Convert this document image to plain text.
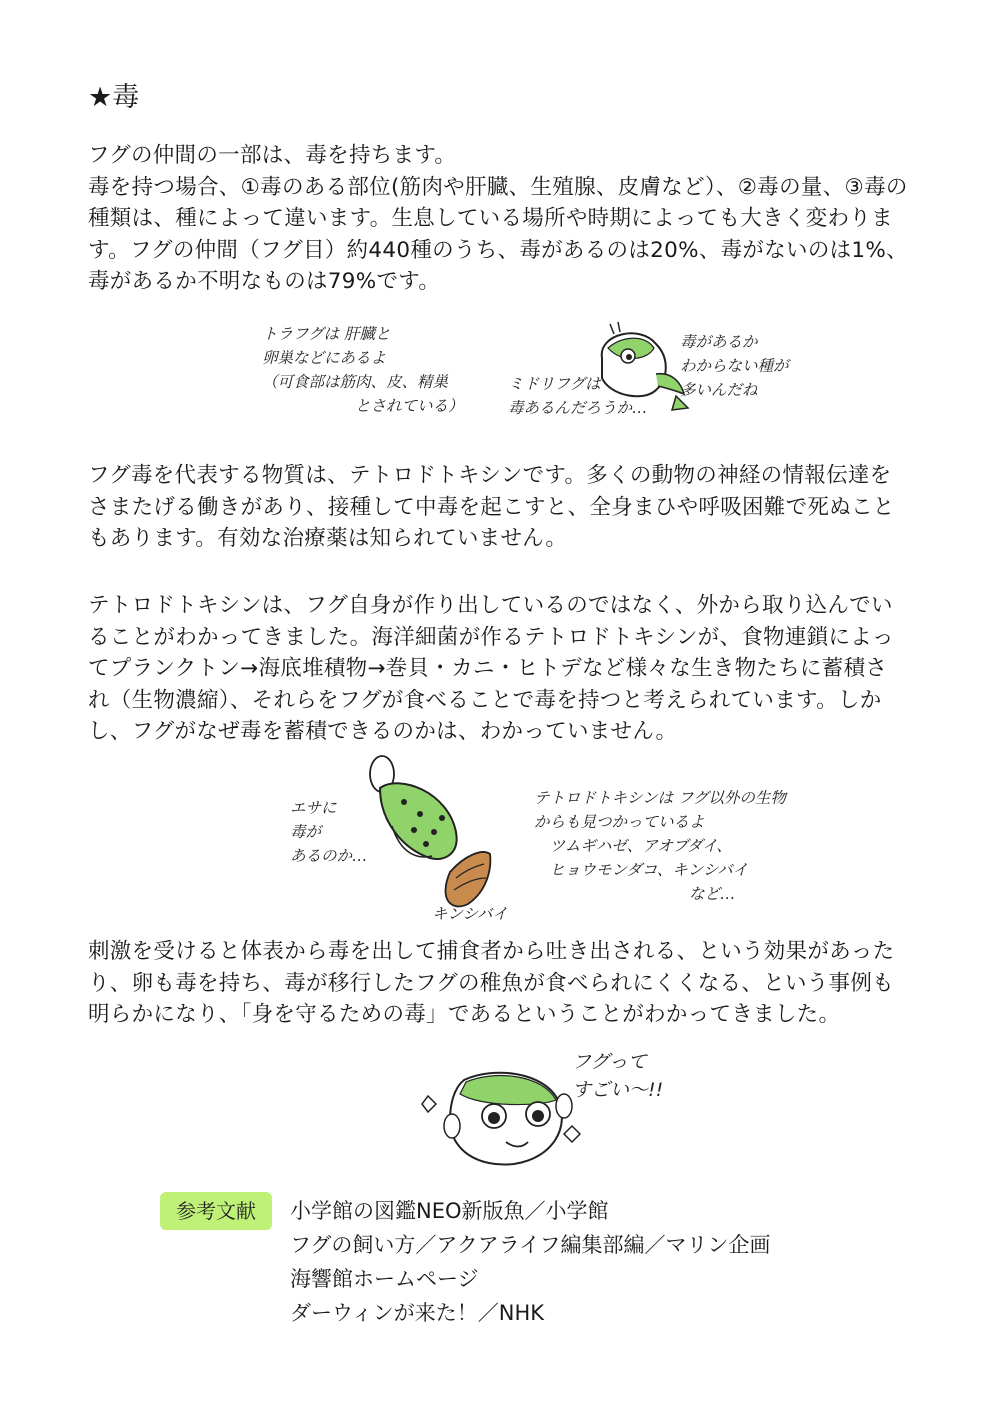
★毒

フグの仲間の一部は、毒を持ちます。
毒を持つ場合、①毒のある部位(筋肉や肝臓、生殖腺、皮膚など）、②毒の量、③毒の種類は、種によって違います。生息している場所や時期によっても大きく変わります。フグの仲間（フグ目）約440種のうち、毒があるのは20%、毒がないのは1%、毒があるか不明なものは79%です。

トラフグは 肝臓と
卵巣などにあるよ
（可食部は筋肉、皮、精巣
　　　　　　とされている）

ミドリフグは
毒あるんだろうか…

毒があるか
わからない種が
多いんだね

フグ毒を代表する物質は、テトロドトキシンです。多くの動物の神経の情報伝達をさまたげる働きがあり、接種して中毒を起こすと、全身まひや呼吸困難で死ぬこともあります。有効な治療薬は知られていません。

テトロドトキシンは、フグ自身が作り出しているのではなく、外から取り込んでいることがわかってきました。海洋細菌が作るテトロドトキシンが、食物連鎖によってプランクトン→海底堆積物→巻貝・カニ・ヒトデなど様々な生き物たちに蓄積され（生物濃縮）、それらをフグが食べることで毒を持つと考えられています。しかし、フグがなぜ毒を蓄積できるのかは、わかっていません。

エサに
毒が
あるのか…

キンシバイ

テトロドトキシンは フグ以外の生物
からも見つかっているよ
　ツムギハゼ、アオブダイ、
　ヒョウモンダコ、キンシバイ
　　　　　　　　　　など…

刺激を受けると体表から毒を出して捕食者から吐き出される、という効果があったり、卵も毒を持ち、毒が移行したフグの稚魚が食べられにくくなる、という事例も明らかになり、「身を守るための毒」であるということがわかってきました。

フグって
すごい〜!!

参考文献	小学館の図鑑NEO新版魚／小学館
フグの飼い方／アクアライフ編集部編／マリン企画
海響館ホームページ
ダーウィンが来た！／NHK
